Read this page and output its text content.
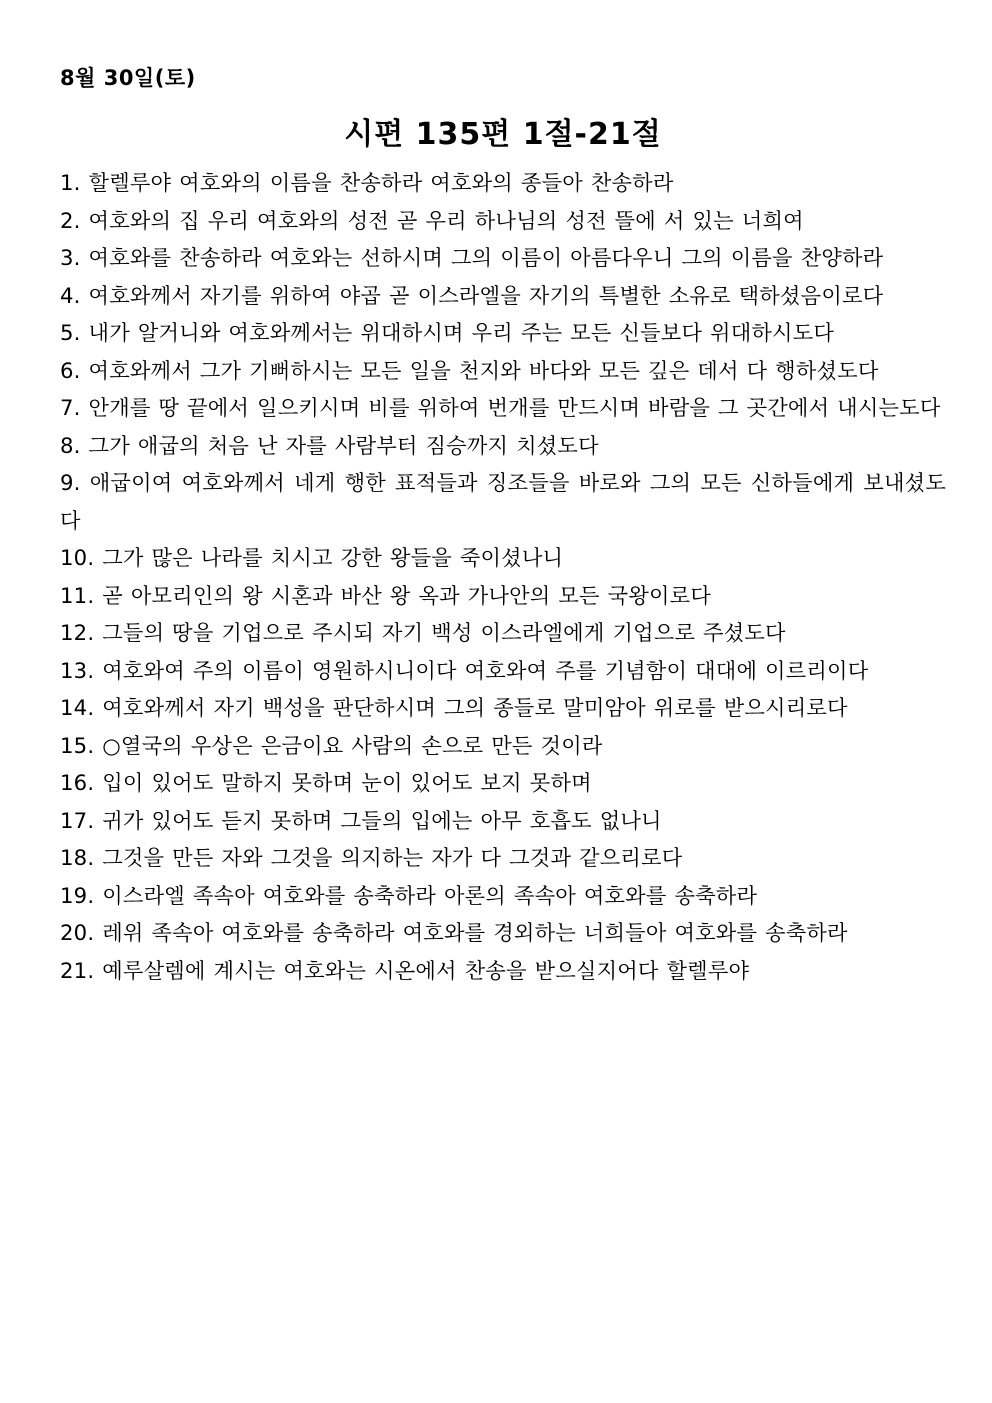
8월 30일(토)
시편 135편 1절-21절

1. 할렐루야 여호와의 이름을 찬송하라 여호와의 종들아 찬송하라

2. 여호와의 집 우리 여호와의 성전 곧 우리 하나님의 성전 뜰에 서 있는 너희여

3. 여호와를 찬송하라 여호와는 선하시며 그의 이름이 아름다우니 그의 이름을 찬양하라

4. 여호와께서 자기를 위하여 야곱 곧 이스라엘을 자기의 특별한 소유로 택하셨음이로다

5. 내가 알거니와 여호와께서는 위대하시며 우리 주는 모든 신들보다 위대하시도다

6. 여호와께서 그가 기뻐하시는 모든 일을 천지와 바다와 모든 깊은 데서 다 행하셨도다

7. 안개를 땅 끝에서 일으키시며 비를 위하여 번개를 만드시며 바람을 그 곳간에서 내시는도다

8. 그가 애굽의 처음 난 자를 사람부터 짐승까지 치셨도다

9. 애굽이여 여호와께서 네게 행한 표적들과 징조들을 바로와 그의 모든 신하들에게 보내셨도다

10. 그가 많은 나라를 치시고 강한 왕들을 죽이셨나니

11. 곧 아모리인의 왕 시혼과 바산 왕 옥과 가나안의 모든 국왕이로다

12. 그들의 땅을 기업으로 주시되 자기 백성 이스라엘에게 기업으로 주셨도다

13. 여호와여 주의 이름이 영원하시니이다 여호와여 주를 기념함이 대대에 이르리이다

14. 여호와께서 자기 백성을 판단하시며 그의 종들로 말미암아 위로를 받으시리로다

15. ○열국의 우상은 은금이요 사람의 손으로 만든 것이라

16. 입이 있어도 말하지 못하며 눈이 있어도 보지 못하며

17. 귀가 있어도 듣지 못하며 그들의 입에는 아무 호흡도 없나니

18. 그것을 만든 자와 그것을 의지하는 자가 다 그것과 같으리로다

19. 이스라엘 족속아 여호와를 송축하라 아론의 족속아 여호와를 송축하라

20. 레위 족속아 여호와를 송축하라 여호와를 경외하는 너희들아 여호와를 송축하라

21. 예루살렘에 계시는 여호와는 시온에서 찬송을 받으실지어다 할렐루야
